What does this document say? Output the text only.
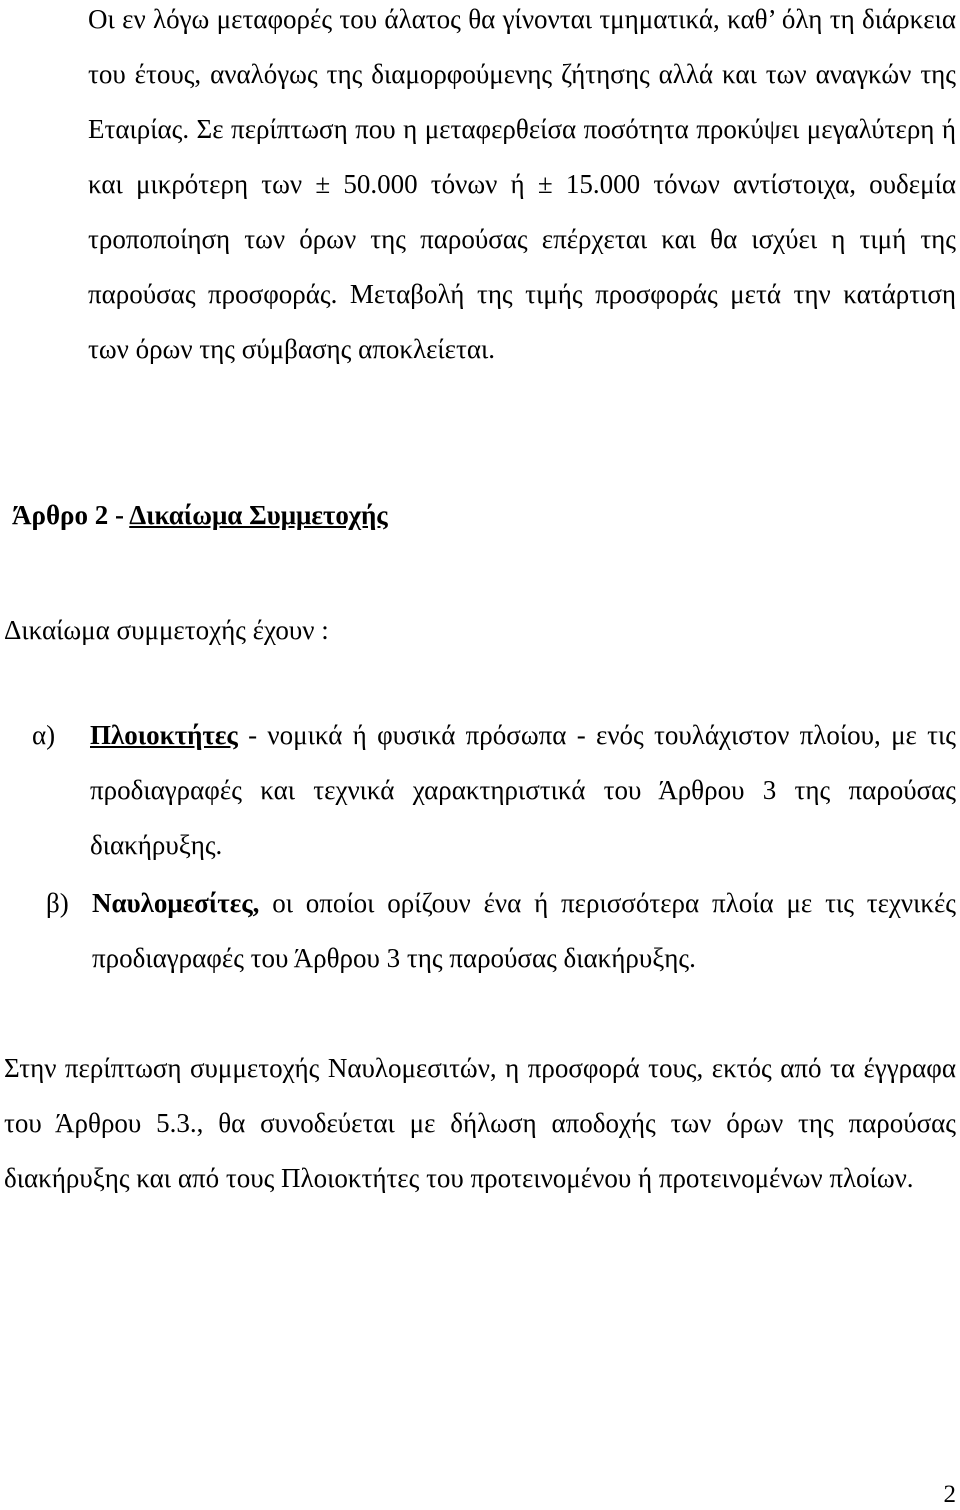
Οι εν λόγω μεταφορές του άλατος θα γίνονται τμηματικά, καθ’ όλη τη διάρκεια του έτους, αναλόγως της διαμορφούμενης ζήτησης αλλά και των αναγκών της Εταιρίας. Σε περίπτωση που η μεταφερθείσα ποσότητα προκύψει μεγαλύτερη ή και μικρότερη των ± 50.000 τόνων ή ± 15.000 τόνων αντίστοιχα, ουδεμία τροποποίηση των όρων της παρούσας επέρχεται και θα ισχύει η τιμή της παρούσας προσφοράς. Μεταβολή της τιμής προσφοράς μετά την κατάρτιση των όρων της σύμβασης αποκλείεται.

Άρθρο 2 - Δικαίωμα Συμμετοχής

Δικαίωμα συμμετοχής έχουν :

α) Πλοιοκτήτες - νομικά ή φυσικά πρόσωπα - ενός τουλάχιστον πλοίου, με τις προδιαγραφές και τεχνικά χαρακτηριστικά του Άρθρου 3 της παρούσας διακήρυξης.
β) Ναυλομεσίτες, οι οποίοι ορίζουν ένα ή περισσότερα πλοία με τις τεχνικές προδιαγραφές του Άρθρου 3 της παρούσας διακήρυξης.

Στην περίπτωση συμμετοχής Ναυλομεσιτών, η προσφορά τους, εκτός από τα έγγραφα του Άρθρου 5.3., θα συνοδεύεται με δήλωση αποδοχής των όρων της παρούσας διακήρυξης και από τους Πλοιοκτήτες του προτεινομένου ή προτεινομένων πλοίων.

2
